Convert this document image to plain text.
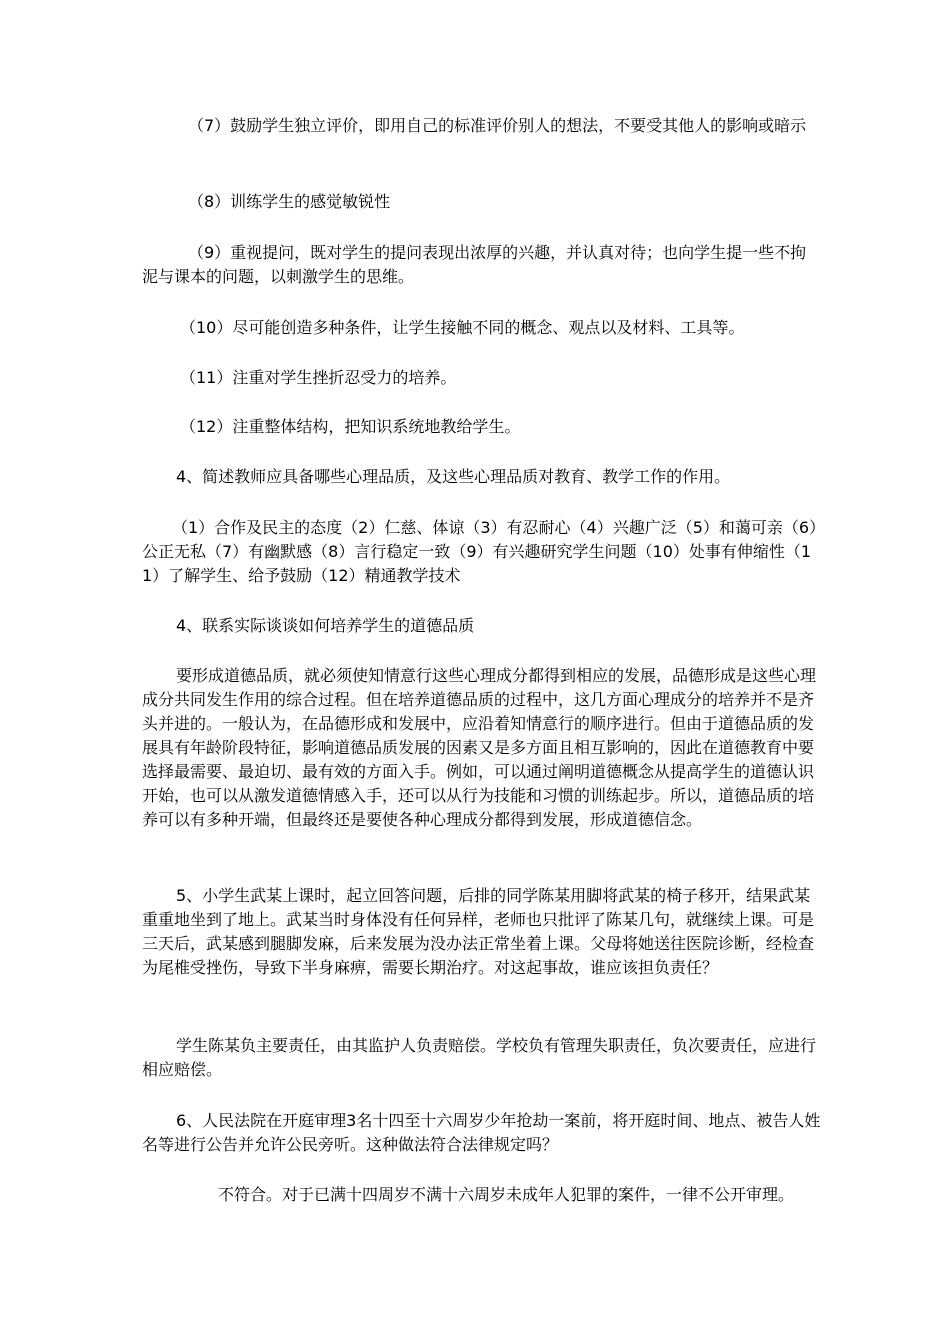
（7）鼓励学生独立评价，即用自己的标准评价别人的想法，不要受其他人的影响或暗示

（8）训练学生的感觉敏锐性

（9）重视提问，既对学生的提问表现出浓厚的兴趣，并认真对待；也向学生提一些不拘泥与课本的问题，以刺激学生的思维。

（10）尽可能创造多种条件，让学生接触不同的概念、观点以及材料、工具等。

（11）注重对学生挫折忍受力的培养。

（12）注重整体结构，把知识系统地教给学生。

4、简述教师应具备哪些心理品质，及这些心理品质对教育、教学工作的作用。

（1）合作及民主的态度（2）仁慈、体谅（3）有忍耐心（4）兴趣广泛（5）和蔼可亲（6）公正无私（7）有幽默感（8）言行稳定一致（9）有兴趣研究学生问题（10）处事有伸缩性（11）了解学生、给予鼓励（12）精通教学技术

4、联系实际谈谈如何培养学生的道德品质

要形成道德品质，就必须使知情意行这些心理成分都得到相应的发展，品德形成是这些心理成分共同发生作用的综合过程。但在培养道德品质的过程中，这几方面心理成分的培养并不是齐头并进的。一般认为，在品德形成和发展中，应沿着知情意行的顺序进行。但由于道德品质的发展具有年龄阶段特征，影响道德品质发展的因素又是多方面且相互影响的，因此在道德教育中要选择最需要、最迫切、最有效的方面入手。例如，可以通过阐明道德概念从提高学生的道德认识开始，也可以从激发道德情感入手，还可以从行为技能和习惯的训练起步。所以，道德品质的培养可以有多种开端，但最终还是要使各种心理成分都得到发展，形成道德信念。

5、小学生武某上课时，起立回答问题，后排的同学陈某用脚将武某的椅子移开，结果武某重重地坐到了地上。武某当时身体没有任何异样，老师也只批评了陈某几句，就继续上课。可是三天后，武某感到腿脚发麻，后来发展为没办法正常坐着上课。父母将她送往医院诊断，经检查为尾椎受挫伤，导致下半身麻痹，需要长期治疗。对这起事故，谁应该担负责任？

学生陈某负主要责任，由其监护人负责赔偿。学校负有管理失职责任，负次要责任，应进行相应赔偿。

6、人民法院在开庭审理3名十四至十六周岁少年抢劫一案前，将开庭时间、地点、被告人姓名等进行公告并允许公民旁听。这种做法符合法律规定吗？

不符合。对于已满十四周岁不满十六周岁未成年人犯罪的案件，一律不公开审理。
